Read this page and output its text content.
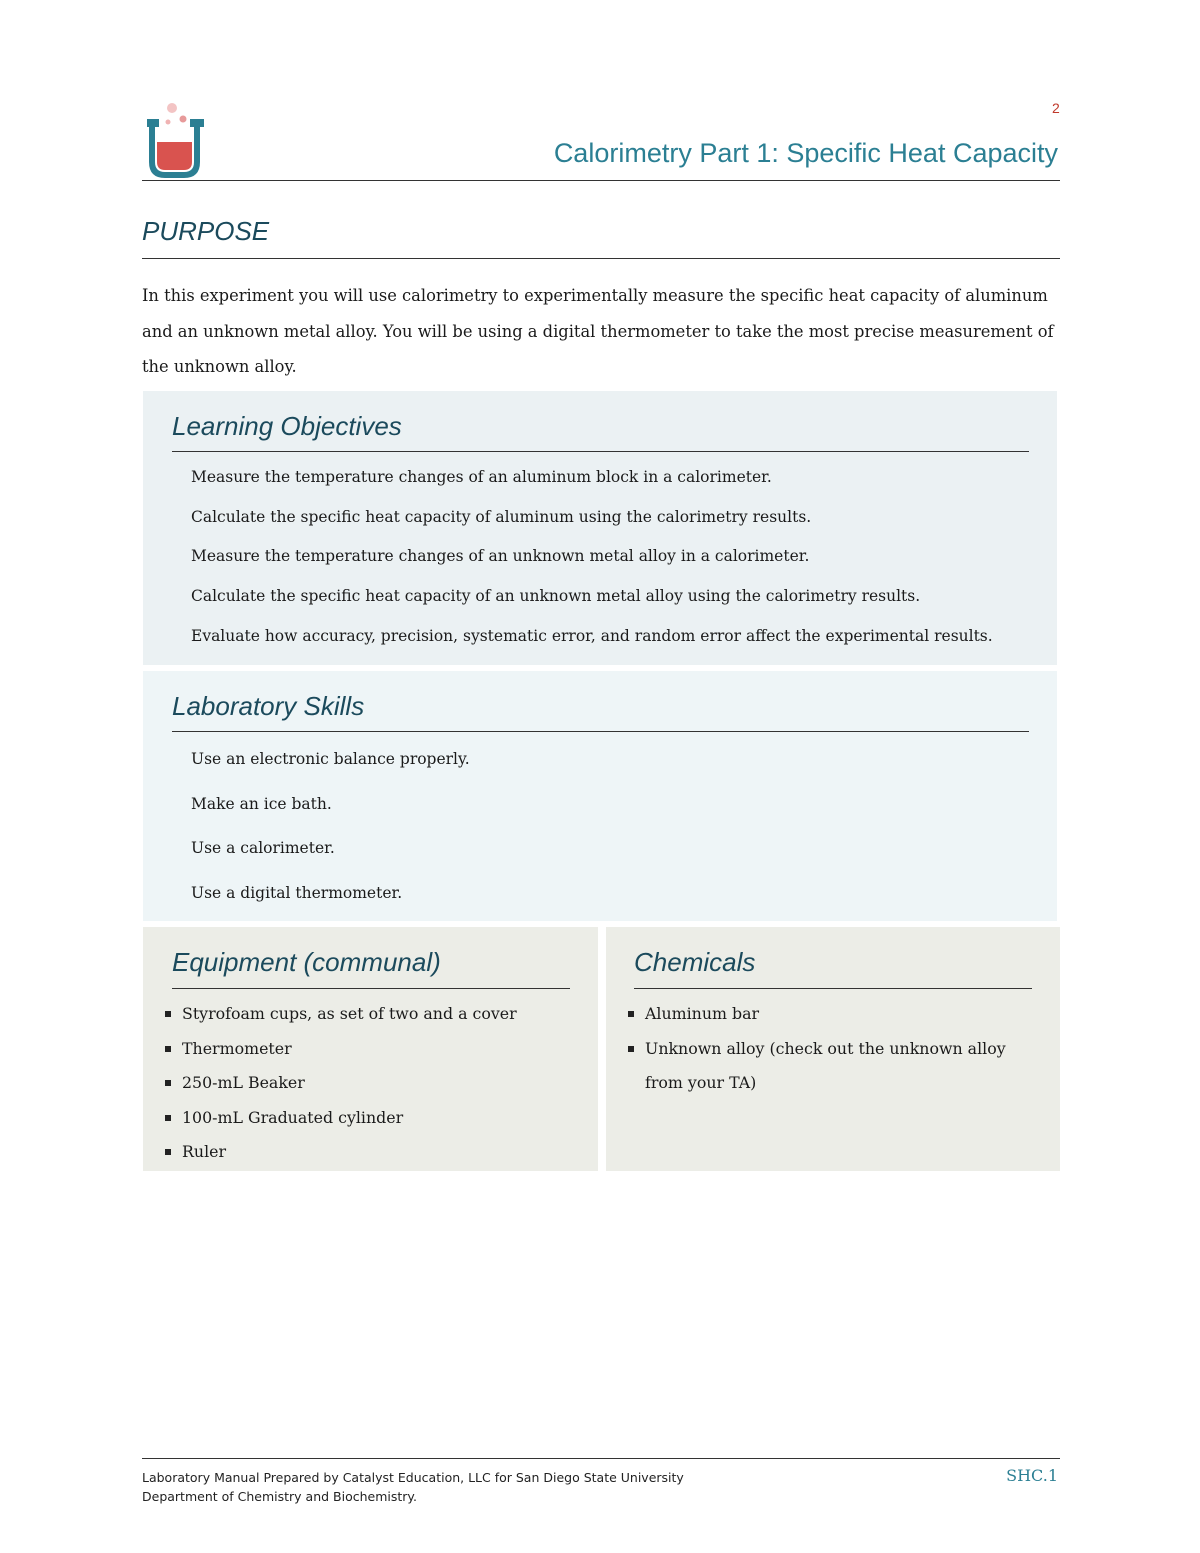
2
Calorimetry Part 1: Specific Heat Capacity
PURPOSE

In this experiment you will use calorimetry to experimentally measure the specific heat capacity of aluminum and an unknown metal alloy. You will be using a digital thermometer to take the most precise measurement of the unknown alloy.

Learning Objectives
Measure the temperature changes of an aluminum block in a calorimeter.
Calculate the specific heat capacity of aluminum using the calorimetry results.
Measure the temperature changes of an unknown metal alloy in a calorimeter.
Calculate the specific heat capacity of an unknown metal alloy using the calorimetry results.
Evaluate how accuracy, precision, systematic error, and random error affect the experimental results.
Laboratory Skills
Use an electronic balance properly.
Make an ice bath.
Use a calorimeter.
Use a digital thermometer.
Equipment (communal)
Styrofoam cups, as set of two and a cover
Thermometer
250-mL Beaker
100-mL Graduated cylinder
Ruler
Chemicals
Aluminum bar
Unknown alloy (check out the unknown alloy from your TA)

Laboratory Manual Prepared by Catalyst Education, LLC for San Diego State University
Department of Chemistry and Biochemistry.

SHC.1
